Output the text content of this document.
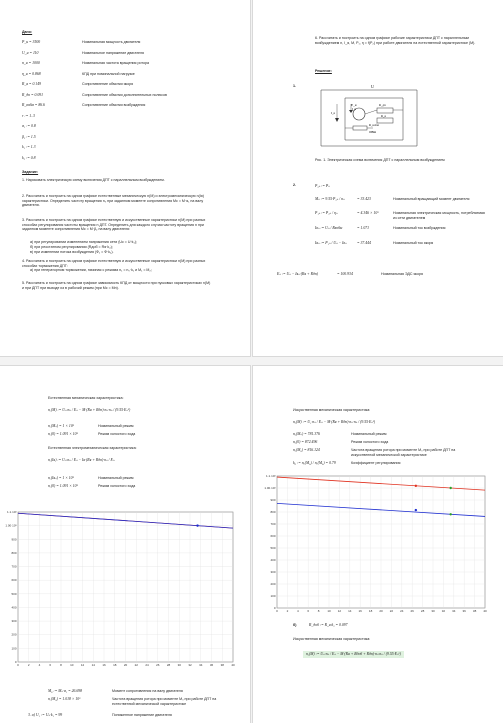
Дано:
P_н = 3500	Номинальная мощность двигателя
U_н = 110	Номинальное напряжение двигателя
n_н = 1000	Номинальная частота вращения ротора
η_н = 0.868	КПД при номинальной нагрузке
R_я = 0.149	Сопротивление обмотки якоря
R_дп = 0.091	Сопротивление обмотки дополнительных полюсов
R_вобм = 86.6	Сопротивление обмотки возбуждения
r := 1..3
α₁ := 0.8
β₂ := 1.5
k₁ := 1.3
k₂ := 0.8
Задание:
1. Нарисовать электрическую схему включения ДПТ с параллельным возбуждением.
2. Рассчитать и построить на одном графике естественные механическую n(M) и электромеханическую n(Iя) характеристики. Определить частоту вращения n₀ при заданном моменте сопротивления Mc = M·α₁ на валу двигателя.
3. Рассчитать и построить на одном графике естественную и искусственные характеристики n(M) при разных способах регулирования частоты вращения n ДПТ. Определить для каждого случая частоту вращения n при заданном моменте сопротивления Mc = M·β₂ на валу двигателя:
а) при регулировании изменением напряжения сети (Uc = U·k₁);
б) при реостатном регулировании (Rдоб = Rя·k₂);
в) при изменении потока возбуждения (Ф₁ = Ф·k₂).
4. Рассчитать и построить на одном графике естественную и искусственные характеристики n(M) при разных способах торможения ДПТ:
а) при генераторном торможении, начиная с режима n₁ = n₀·k₁ и M₁ = M₂;
5. Рассчитать и построить на одном графике зависимость КПД от мощности при пусковых характеристиках n(M) и при ДПТ при выходе из в рабочий режим (при Mс = Mн).
6. Рассчитать и построить на одном графике рабочие характеристики ДПТ с параллельным возбуждением n, I_я, M, P₁, η = f(P₂) при работе двигателя на естественной характеристике (М).
Решение:
1.	U
E_я	R_дп
R_я
I_я
I_в
R_вобм
ОВШ
Рис. 1. Электрическая схема включения ДПТ с параллельным возбуждением
2.	P₂ₙ := Pₙ
Mₙ := 9.55·P₂ₙ / nₙ	= 33.423	Номинальный вращающий момент двигателя
P₁ₙ := P₂ₙ / ηₙ	= 4.346 × 10³	Номинальная электрическая мощность, потребляемая из сети двигателем
Iвₙ := Uₙ / Rвобм	= 1.071	Номинальный ток возбуждения
Iяₙ := P₁ₙ / Uₙ − Iвₙ	= 37.444	Номинальный ток якоря
Eₙ := Uₙ − Iяₙ·(Rя + Rдп)	= 100.934	Номинальная ЭДС якоря
Естественная механическая характеристика:
nₑ(M) := Uₙ·nₙ / Eₙ − M·(Rя + Rдп)·nₙ·nₙ / (9.55·Eₙ²)
nₑ(Mₙ) = 1 × 10³	Номинальный режим
nₑ(0) = 1.091 × 10³	Режим холостого хода
Естественная электромеханическая характеристика:
nₑ(Iя) := Uₙ·nₙ / Eₙ − Iя·(Rя + Rдп)·nₙ / Eₙ
nₑ(Iяₙ) = 1 × 10³	Номинальный режим
nₑ(0) = 1.091 × 10³	Режим холостого хода
0	2	4	6	8	10 12 14 16 18 20 22 24 26 28 30 32 34 36 38 40
0
100
200
300
400
500
600
700
800
900
1.00·10³
1.1·10³
M₀ := Mₙ·α₁ = 26.698	Момент сопротивления на валу двигателя
nₑ(M₀) = 1.018 × 10³	Частота вращения ротора при моменте M₀ при работе ДПТ на естественной механической характеристике
3. а) U₁ := Uₙ·k₁ = 99	Пониженное напряжение двигателя
Искусственная механическая характеристика:
nₐ(M) := U₁·nₙ / Eₙ − M·(Rя + Rдп)·nₙ·nₙ / (9.55·Eₙ²)
nₐ(Mₙ) = 781.376	Номинальный режим
nₐ(0) = 872.496	Режим холостого хода
nₐ(M₀) = 816.124	Частота вращения ротора при моменте M₀ при работе ДПТ на искусственной механической характеристике
k₀ := nₐ(M₀) / nₑ(M₀) = 0.79	Коэффициент регулирования
0	2	4	6	8	10 12 14 16 18 20 22 24 26 28 30 32 34 36 38 40
0
100
200
300
400
500
600
700
800
900
1.00·10³
1.1·10³
б)	R_доб := R_я·k₂ = 0.097
Искусственная механическая характеристика:
nₐ(M) := Uₙ·nₙ / Eₙ − M·(Rя + Rдоб + Rдп)·nₙ·nₙ / (9.55·Eₙ²)
